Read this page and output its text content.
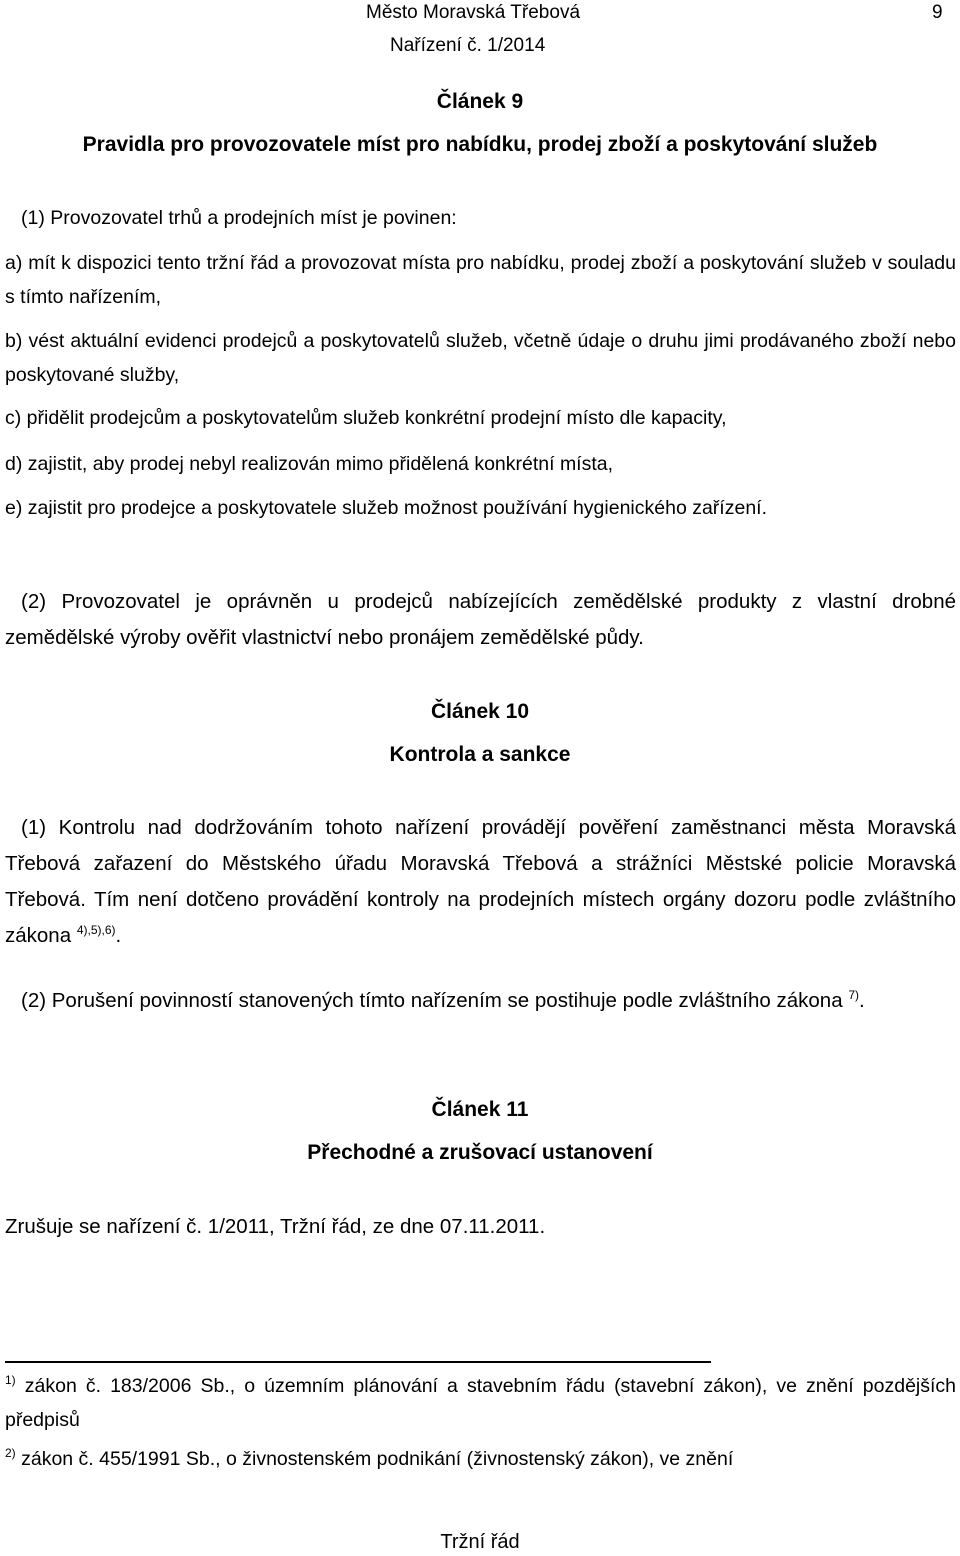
Město Moravská Třebová	9
Nařízení č. 1/2014
Článek 9
Pravidla pro provozovatele míst pro nabídku, prodej zboží a poskytování služeb
(1) Provozovatel trhů a prodejních míst je povinen:
a) mít k dispozici tento tržní řád a provozovat místa pro nabídku, prodej zboží a poskytování služeb v souladu s tímto nařízením,
b) vést aktuální evidenci prodejců a poskytovatelů služeb, včetně údaje o druhu jimi prodávaného zboží nebo poskytované služby,
c) přidělit prodejcům a poskytovatelům služeb konkrétní prodejní místo dle kapacity,
d) zajistit, aby prodej nebyl realizován mimo přidělená konkrétní místa,
e) zajistit pro prodejce a poskytovatele služeb možnost používání hygienického zařízení.
(2) Provozovatel je oprávněn u prodejců nabízejících zemědělské produkty z vlastní drobné zemědělské výroby ověřit vlastnictví nebo pronájem zemědělské půdy.
Článek 10
Kontrola a sankce
(1) Kontrolu nad dodržováním tohoto nařízení provádějí pověření zaměstnanci města Moravská Třebová zařazení do Městského úřadu Moravská Třebová a strážníci Městské policie Moravská Třebová. Tím není dotčeno provádění kontroly na prodejních místech orgány dozoru podle zvláštního zákona $^{4),5),6)}$.
(2) Porušení povinností stanovených tímto nařízením se postihuje podle zvláštního zákona $^{7)}$.
Článek 11
Přechodné a zrušovací ustanovení
Zrušuje se nařízení č. 1/2011, Tržní řád, ze dne 07.11.2011.
$^{1)}$ zákon č. 183/2006 Sb., o územním plánování a stavebním řádu (stavební zákon), ve znění pozdějších předpisů
$^{2)}$ zákon č. 455/1991 Sb., o živnostenském podnikání (živnostenský zákon), ve znění
Tržní řád
